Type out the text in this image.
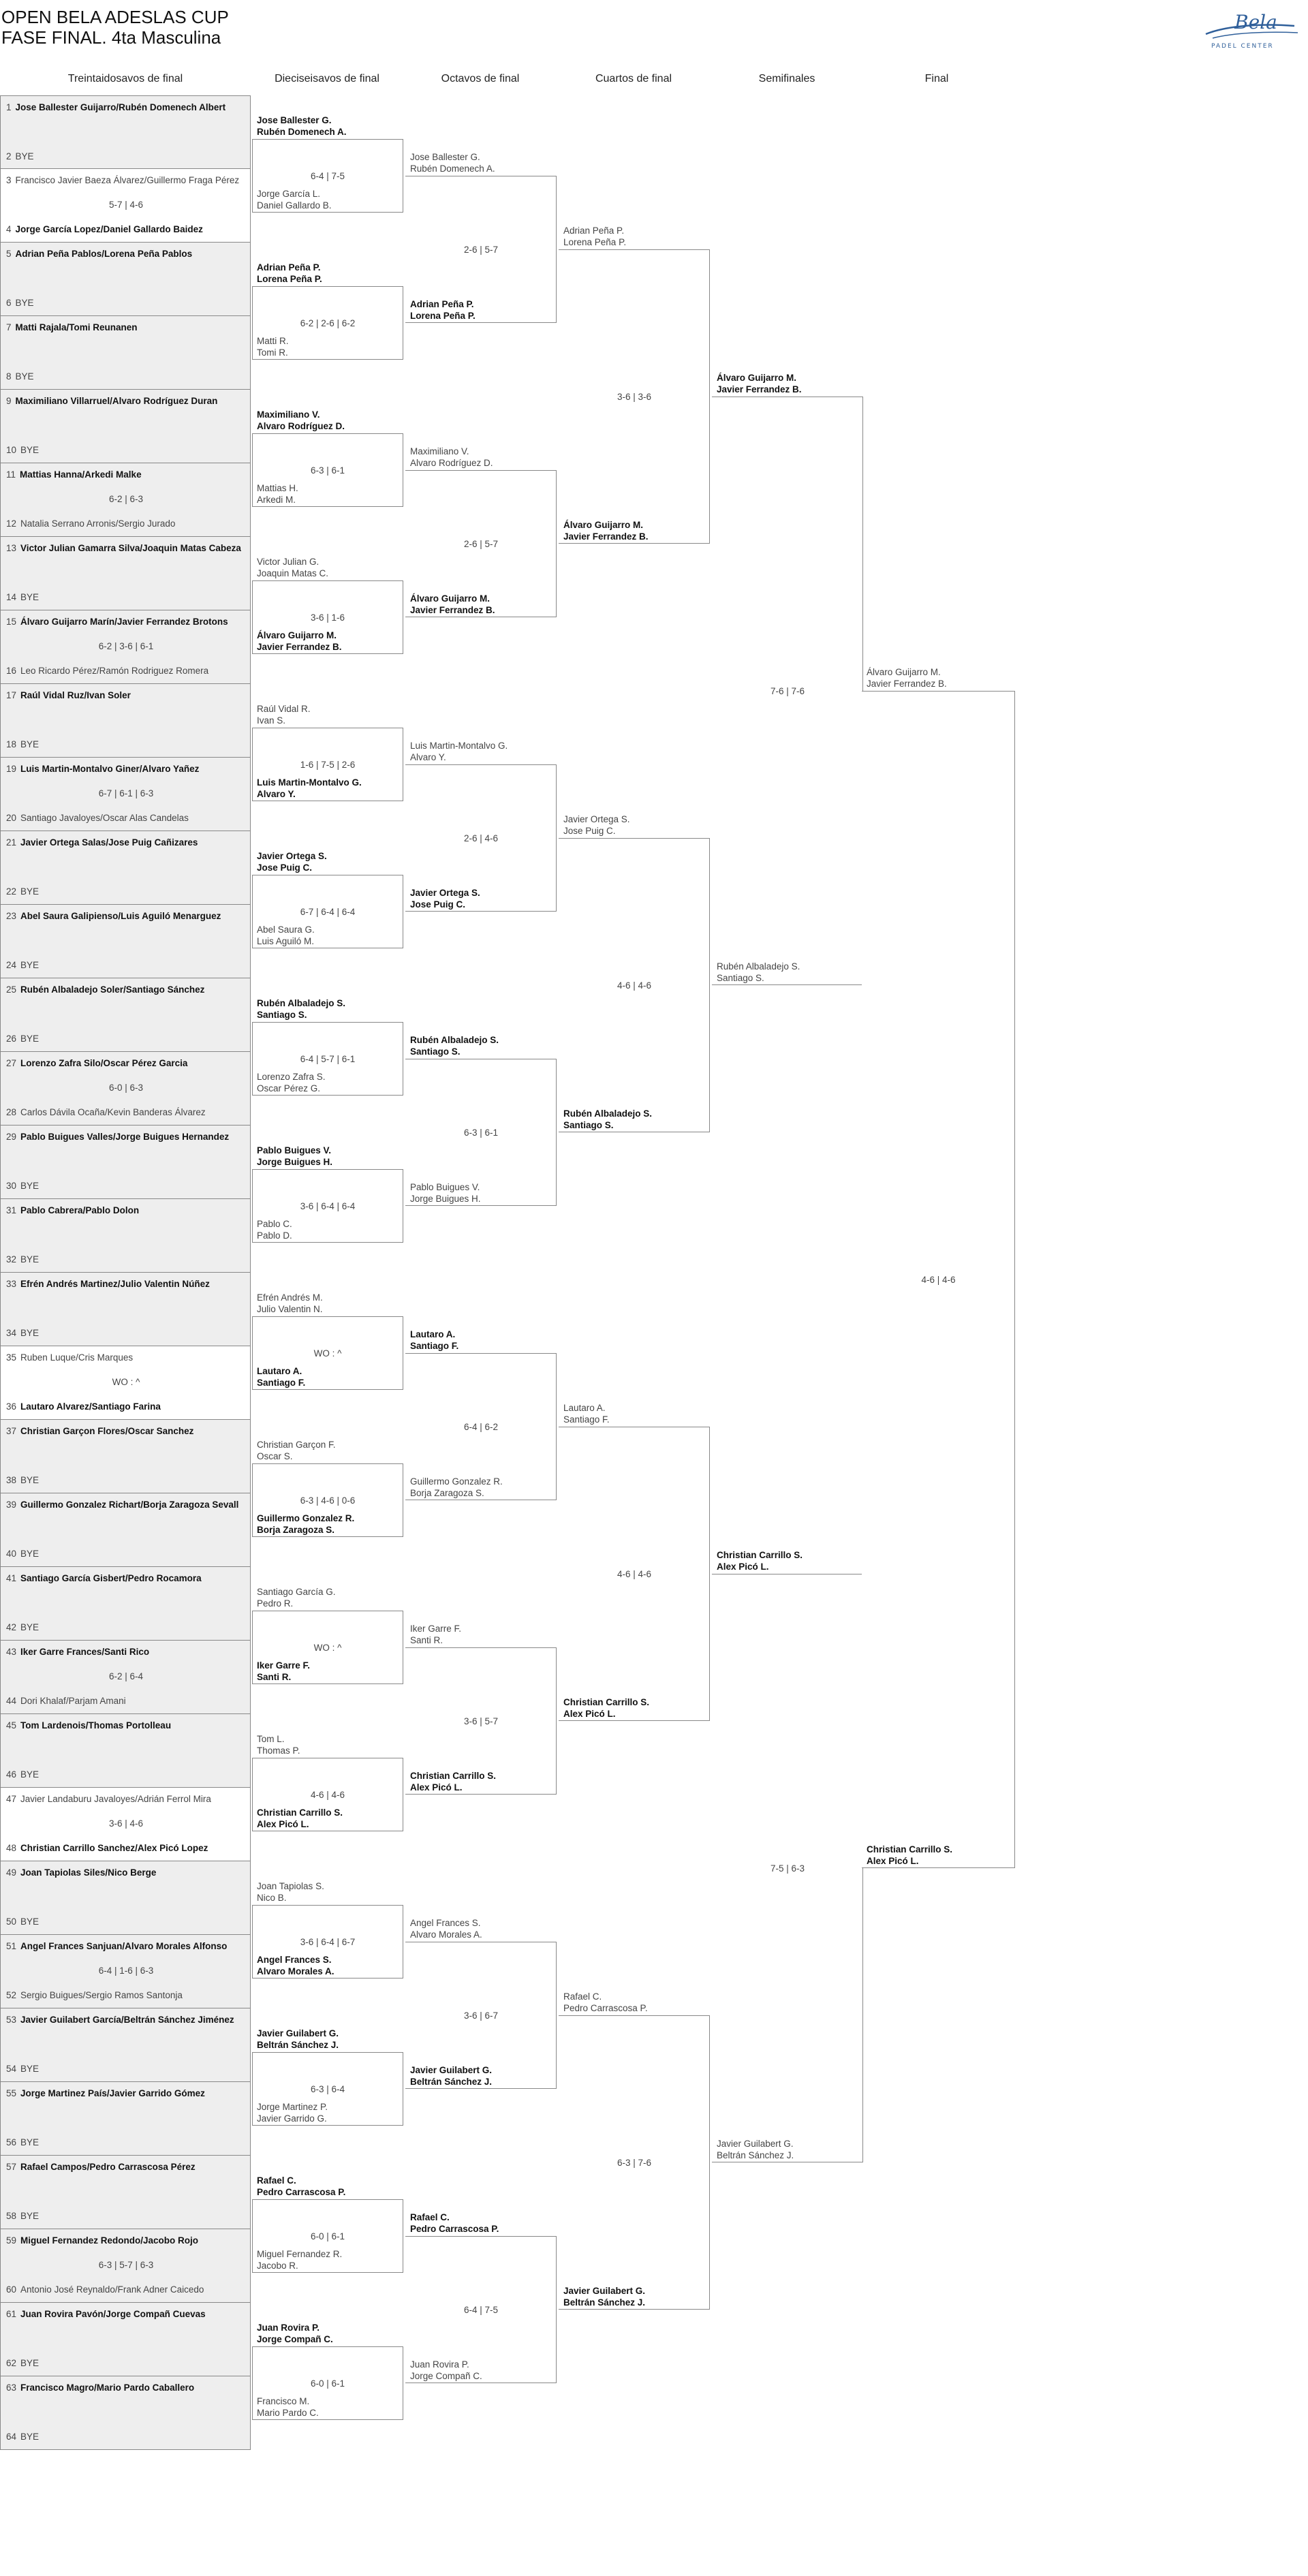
OPEN BELA ADESLAS CUP
FASE FINAL. 4ta Masculina
Bela
PADEL CENTER
Treintaidosavos de final	Dieciseisavos de final	Octavos de final	Cuartos de final	Semifinales	Final
1 Jose Ballester Guijarro/Rubén Domenech Albert
2 BYE
3 Francisco Javier Baeza Álvarez/Guillermo Fraga Pérez
5-7 | 4-6
4 Jorge García Lopez/Daniel Gallardo Baidez
5 Adrian Peña Pablos/Lorena Peña Pablos
6 BYE
7 Matti Rajala/Tomi Reunanen
8 BYE
9 Maximiliano Villarruel/Alvaro Rodríguez Duran
10 BYE
11 Mattias Hanna/Arkedi Malke
6-2 | 6-3
12 Natalia Serrano Arronis/Sergio Jurado
13 Victor Julian Gamarra Silva/Joaquin Matas Cabeza
14 BYE
15 Álvaro Guijarro Marín/Javier Ferrandez Brotons
6-2 | 3-6 | 6-1
16 Leo Ricardo Pérez/Ramón Rodriguez Romera
17 Raúl Vidal Ruz/Ivan Soler
18 BYE
19 Luis Martin-Montalvo Giner/Alvaro Yañez
6-7 | 6-1 | 6-3
20 Santiago Javaloyes/Oscar Alas Candelas
21 Javier Ortega Salas/Jose Puig Cañizares
22 BYE
23 Abel Saura Galipienso/Luis Aguiló Menarguez
24 BYE
25 Rubén Albaladejo Soler/Santiago Sánchez
26 BYE
27 Lorenzo Zafra Silo/Oscar Pérez Garcia
6-0 | 6-3
28 Carlos Dávila Ocaña/Kevin Banderas Álvarez
29 Pablo Buigues Valles/Jorge Buigues Hernandez
30 BYE
31 Pablo Cabrera/Pablo Dolon
32 BYE
33 Efrén Andrés Martinez/Julio Valentin Núñez
34 BYE
35 Ruben Luque/Cris Marques
WO : ^
36 Lautaro Alvarez/Santiago Farina
37 Christian Garçon Flores/Oscar Sanchez
38 BYE
39 Guillermo Gonzalez Richart/Borja Zaragoza Sevall
40 BYE
41 Santiago García Gisbert/Pedro Rocamora
42 BYE
43 Iker Garre Frances/Santi Rico
6-2 | 6-4
44 Dori Khalaf/Parjam Amani
45 Tom Lardenois/Thomas Portolleau
46 BYE
47 Javier Landaburu Javaloyes/Adrián Ferrol Mira
3-6 | 4-6
48 Christian Carrillo Sanchez/Alex Picó Lopez
49 Joan Tapiolas Siles/Nico Berge
50 BYE
51 Angel Frances Sanjuan/Alvaro Morales Alfonso
6-4 | 1-6 | 6-3
52 Sergio Buigues/Sergio Ramos Santonja
53 Javier Guilabert García/Beltrán Sánchez Jiménez
54 BYE
55 Jorge Martinez País/Javier Garrido Gómez
56 BYE
57 Rafael Campos/Pedro Carrascosa Pérez
58 BYE
59 Miguel Fernandez Redondo/Jacobo Rojo
6-3 | 5-7 | 6-3
60 Antonio José Reynaldo/Frank Adner Caicedo
61 Juan Rovira Pavón/Jorge Compañ Cuevas
62 BYE
63 Francisco Magro/Mario Pardo Caballero
64 BYE
Jose Ballester G.
Rubén Domenech A.
Jorge García L.
Daniel Gallardo B.
6-4 | 7-5
Adrian Peña P.
Lorena Peña P.
Matti R.
Tomi R.
6-2 | 2-6 | 6-2
Maximiliano V.
Alvaro Rodríguez D.
Mattias H.
Arkedi M.
6-3 | 6-1
Victor Julian G.
Joaquin Matas C.
Álvaro Guijarro M.
Javier Ferrandez B.
3-6 | 1-6
Raúl Vidal R.
Ivan S.
Luis Martin-Montalvo G.
Alvaro Y.
1-6 | 7-5 | 2-6
Javier Ortega S.
Jose Puig C.
Abel Saura G.
Luis Aguiló M.
6-7 | 6-4 | 6-4
Rubén Albaladejo S.
Santiago S.
Lorenzo Zafra S.
Oscar Pérez G.
6-4 | 5-7 | 6-1
Pablo Buigues V.
Jorge Buigues H.
Pablo C.
Pablo D.
3-6 | 6-4 | 6-4
Efrén Andrés M.
Julio Valentin N.
Lautaro A.
Santiago F.
WO : ^
Christian Garçon F.
Oscar S.
Guillermo Gonzalez R.
Borja Zaragoza S.
6-3 | 4-6 | 0-6
Santiago García G.
Pedro R.
Iker Garre F.
Santi R.
WO : ^
Tom L.
Thomas P.
Christian Carrillo S.
Alex Picó L.
4-6 | 4-6
Joan Tapiolas S.
Nico B.
Angel Frances S.
Alvaro Morales A.
3-6 | 6-4 | 6-7
Javier Guilabert G.
Beltrán Sánchez J.
Jorge Martinez P.
Javier Garrido G.
6-3 | 6-4
Rafael C.
Pedro Carrascosa P.
Miguel Fernandez R.
Jacobo R.
6-0 | 6-1
Juan Rovira P.
Jorge Compañ C.
Francisco M.
Mario Pardo C.
6-0 | 6-1
Jose Ballester G.
Rubén Domenech A.
Adrian Peña P.
Lorena Peña P.
2-6 | 5-7
Maximiliano V.
Alvaro Rodríguez D.
Álvaro Guijarro M.
Javier Ferrandez B.
2-6 | 5-7
Luis Martin-Montalvo G.
Alvaro Y.
Javier Ortega S.
Jose Puig C.
2-6 | 4-6
Rubén Albaladejo S.
Santiago S.
Pablo Buigues V.
Jorge Buigues H.
6-3 | 6-1
Lautaro A.
Santiago F.
Guillermo Gonzalez R.
Borja Zaragoza S.
6-4 | 6-2
Iker Garre F.
Santi R.
Christian Carrillo S.
Alex Picó L.
3-6 | 5-7
Angel Frances S.
Alvaro Morales A.
Javier Guilabert G.
Beltrán Sánchez J.
3-6 | 6-7
Rafael C.
Pedro Carrascosa P.
Juan Rovira P.
Jorge Compañ C.
6-4 | 7-5
Adrian Peña P.
Lorena Peña P.
Álvaro Guijarro M.
Javier Ferrandez B.
3-6 | 3-6
Javier Ortega S.
Jose Puig C.
Rubén Albaladejo S.
Santiago S.
4-6 | 4-6
Lautaro A.
Santiago F.
Christian Carrillo S.
Alex Picó L.
4-6 | 4-6
Rafael C.
Pedro Carrascosa P.
Javier Guilabert G.
Beltrán Sánchez J.
6-3 | 7-6
Álvaro Guijarro M.
Javier Ferrandez B.
Rubén Albaladejo S.
Santiago S.
7-6 | 7-6
Christian Carrillo S.
Alex Picó L.
Javier Guilabert G.
Beltrán Sánchez J.
7-5 | 6-3
Álvaro Guijarro M.
Javier Ferrandez B.
Christian Carrillo S.
Alex Picó L.
4-6 | 4-6
